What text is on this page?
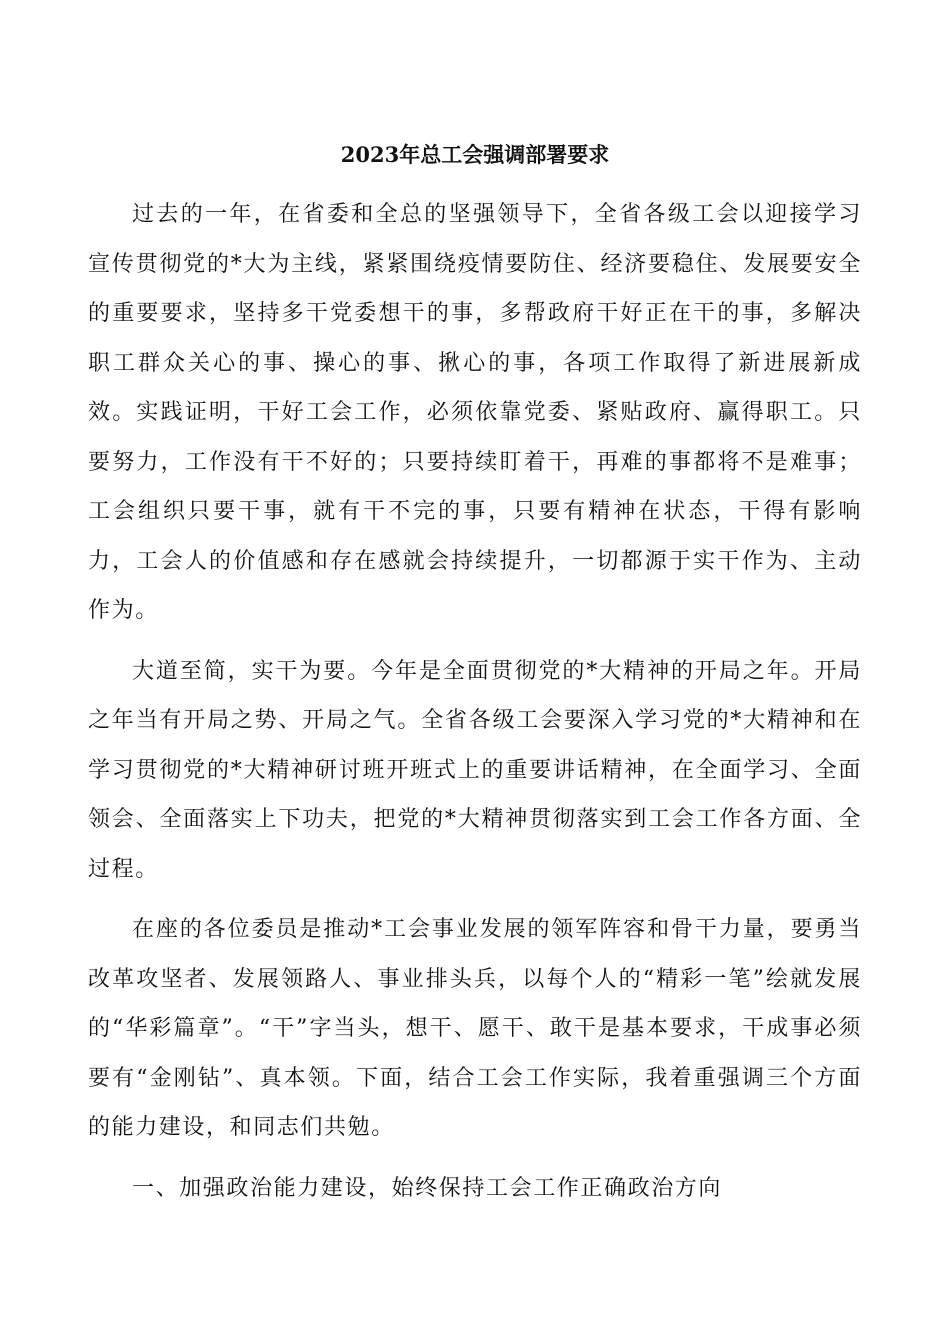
2023年总工会强调部署要求

过去的一年，在省委和全总的坚强领导下，全省各级工会以迎接学习宣传贯彻党的*大为主线，紧紧围绕疫情要防住、经济要稳住、发展要安全的重要要求，坚持多干党委想干的事，多帮政府干好正在干的事，多解决职工群众关心的事、操心的事、揪心的事，各项工作取得了新进展新成效。实践证明，干好工会工作，必须依靠党委、紧贴政府、赢得职工。只要努力，工作没有干不好的；只要持续盯着干，再难的事都将不是难事；工会组织只要干事，就有干不完的事，只要有精神在状态，干得有影响力，工会人的价值感和存在感就会持续提升，一切都源于实干作为、主动作为。

大道至简，实干为要。今年是全面贯彻党的*大精神的开局之年。开局之年当有开局之势、开局之气。全省各级工会要深入学习党的*大精神和在学习贯彻党的*大精神研讨班开班式上的重要讲话精神，在全面学习、全面领会、全面落实上下功夫，把党的*大精神贯彻落实到工会工作各方面、全过程。

在座的各位委员是推动*工会事业发展的领军阵容和骨干力量，要勇当改革攻坚者、发展领路人、事业排头兵，以每个人的“精彩一笔”绘就发展的“华彩篇章”。“干”字当头，想干、愿干、敢干是基本要求，干成事必须要有“金刚钻”、真本领。下面，结合工会工作实际，我着重强调三个方面的能力建设，和同志们共勉。

一、加强政治能力建设，始终保持工会工作正确政治方向
